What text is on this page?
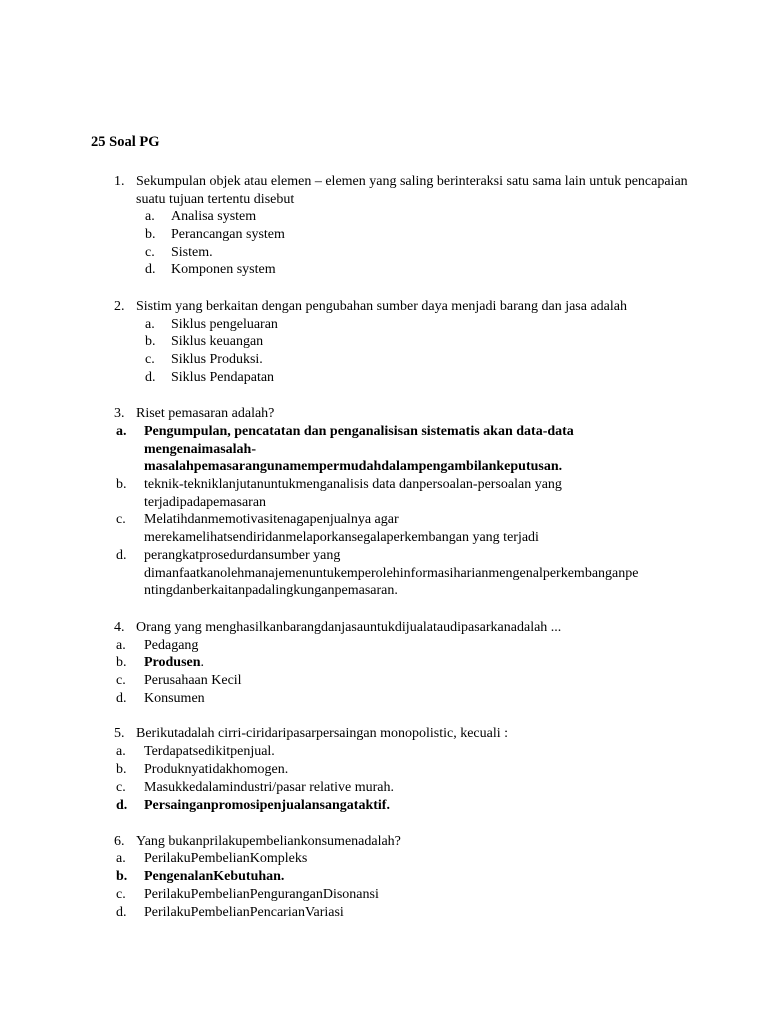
25 Soal PG
1. Sekumpulan objek atau elemen – elemen yang saling berinteraksi satu sama lain untuk pencapaian suatu tujuan tertentu disebut
a. Analisa system
b. Perancangan system
c. Sistem.
d. Komponen system
2. Sistim yang berkaitan dengan pengubahan sumber daya menjadi barang dan jasa adalah
a. Siklus pengeluaran
b. Siklus keuangan
c. Siklus Produksi.
d. Siklus Pendapatan
3. Riset pemasaran adalah?
a. Pengumpulan, pencatatan dan penganalisisan sistematis akan data-data
mengenaimasalah-
masalahpemasarangunamempermudahdalampengambilankeputusan.
b. teknik-tekniklanjutanuntukmenganalisis data danpersoalan-persoalan yang
terjadipadapemasaran
c. Melatihdanmemotivasitenagapenjualnya agar
merekamelihatsendiridanmelaporkansegalaperkembangan yang terjadi
d. perangkatprosedurdansumber yang
dimanfaatkanolehmanajemenuntukemperolehinformasiharianmengenalperkembanganpe
ntingdanberkaitanpadalingkunganpemasaran.
4. Orang yang menghasilkanbarangdanjasauntukdijualataudipasarkanadalah ...
a. Pedagang
b. Produsen.
c. Perusahaan Kecil
d. Konsumen
5. Berikutadalah cirri-ciridaripasarpersaingan monopolistic, kecuali :
a. Terdapatsedikitpenjual.
b. Produknyatidakhomogen.
c. Masukkedalamindustri/pasar relative murah.
d. Persainganpromosipenjualansangataktif.
6. Yang bukanprilakupembeliankonsumenadalah?
a. PerilakuPembelianKompleks
b. PengenalanKebutuhan.
c. PerilakuPembelianPenguranganDisonansi
d. PerilakuPembelianPencarianVariasi
